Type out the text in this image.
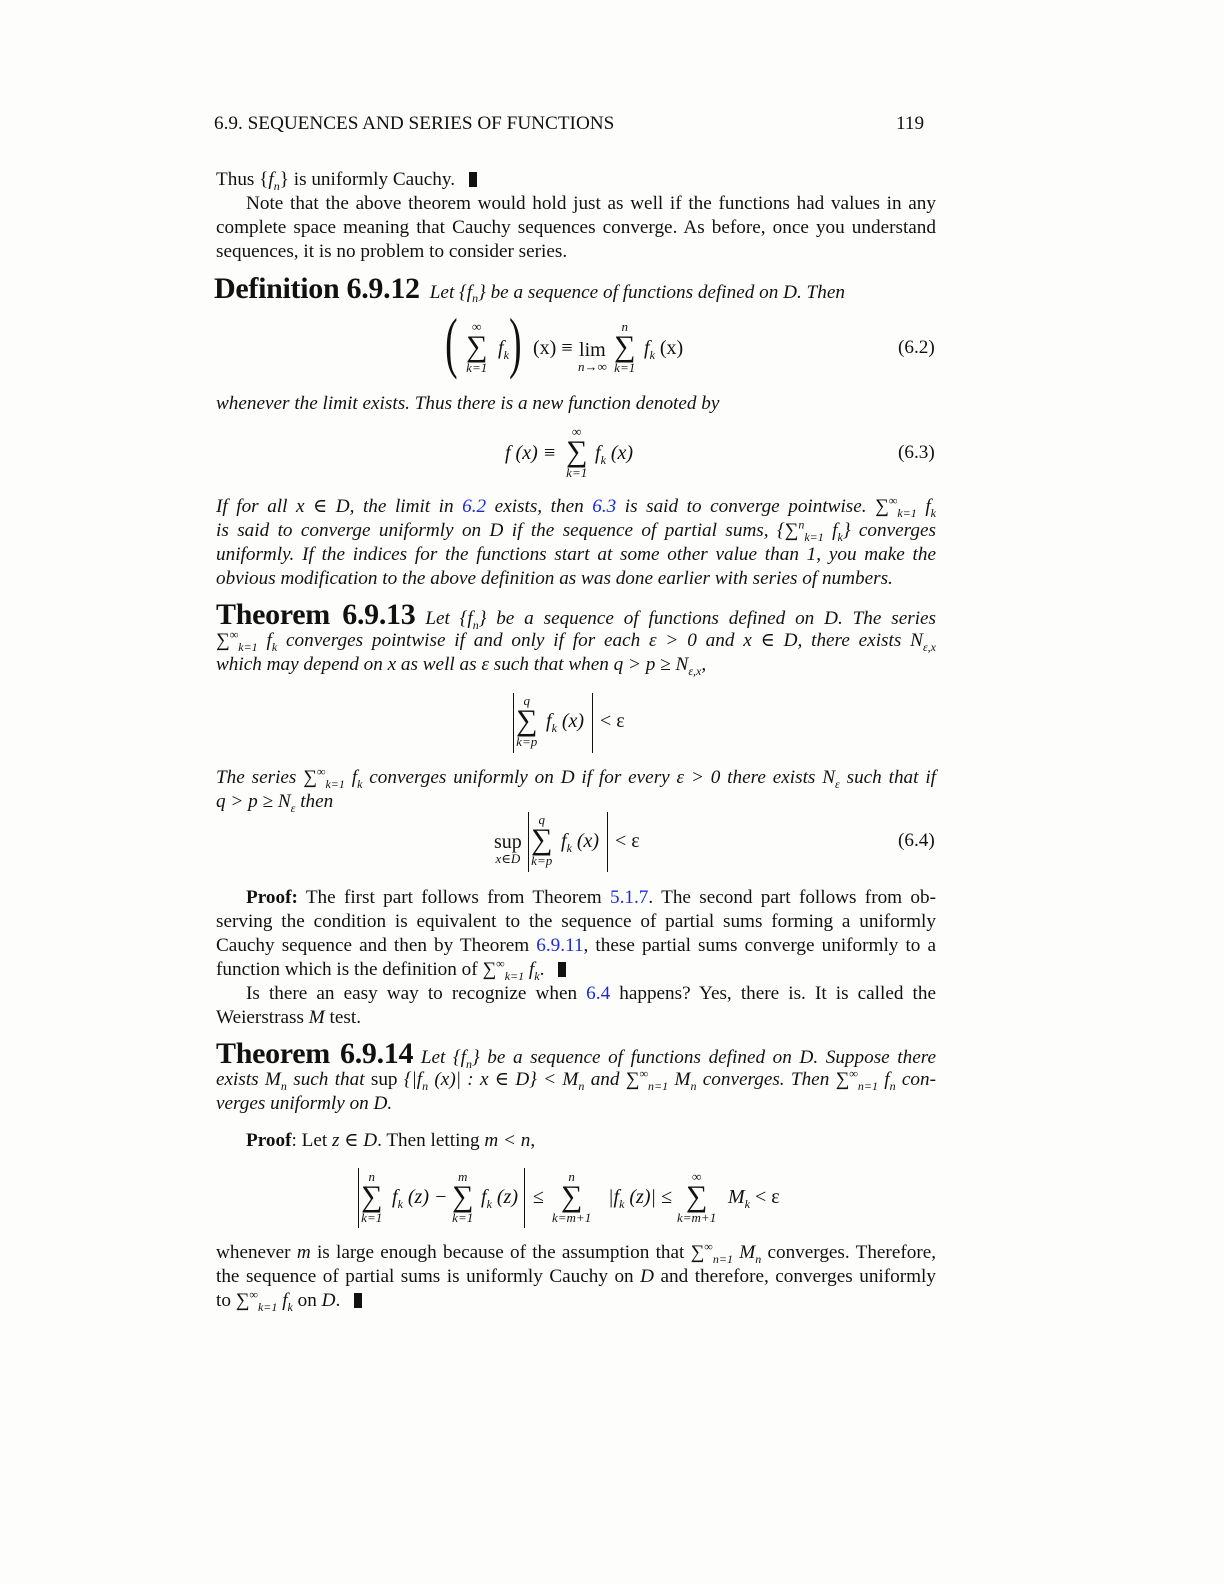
6.9. SEQUENCES AND SERIES OF FUNCTIONS	119
Thus $\{f_n\}$ is uniformly Cauchy.
Note that the above theorem would hold just as well if the functions had values in any
complete space meaning that Cauchy sequences converge. As before, once you understand
sequences, it is no problem to consider series.
Definition 6.9.12 Let $\{f_n\}$ be a sequence of functions defined on D. Then
( ∞
∑
k=1
$f_k$ ) (x) ≡ lim
n→∞
n
∑
k=1
$f_k$ (x)	(6.2)
whenever the limit exists. Thus there is a new function denoted by
f (x) ≡
∞
∑
k=1
$f_k$ (x)	(6.3)
If for all x ∈ D, the limit in 6.2 exists, then 6.3 is said to converge pointwise. $\sum^\infty_{k=1}$ $f_k$
is said to converge uniformly on D if the sequence of partial sums, {∑$^n_{k=1}$ $f_k$} converges
uniformly. If the indices for the functions start at some other value than 1, you make the
obvious modification to the above definition as was done earlier with series of numbers.
Theorem 6.9.13 Let $\{f_n\}$ be a sequence of functions defined on D. The series
$\sum^\infty_{k=1}$ $f_k$ converges pointwise if and only if for each ε > 0 and x ∈ D, there exists $N_{\varepsilon,x}$
which may depend on x as well as ε such that when $q > p \ge N_{\varepsilon,x}$,
q
∑
k=p
$f_k$ (x) < ε
The series $\sum^\infty_{k=1}$ $f_k$ converges uniformly on D if for every ε > 0 there exists $N_\varepsilon$ such that if
$q > p \ge N_\varepsilon$ then
sup
x∈D
q
∑
k=p
$f_k$ (x) < ε	(6.4)
Proof: The first part follows from Theorem 5.1.7. The second part follows from ob-
serving the condition is equivalent to the sequence of partial sums forming a uniformly
Cauchy sequence and then by Theorem 6.9.11, these partial sums converge uniformly to a
function which is the definition of $\sum^\infty_{k=1}$ $f_k$.
Is there an easy way to recognize when 6.4 happens? Yes, there is. It is called the
Weierstrass M test.
Theorem 6.9.14 Let $\{f_n\}$ be a sequence of functions defined on D. Suppose there
exists $M_n$ such that sup {$|f_n$ (x)| : x ∈ $D\} < M_n$ and $\sum^\infty_{n=1}$ $M_n$ converges. Then $\sum^\infty_{n=1}$ $f_n$ con-
verges uniformly on D.
Proof: Let z ∈ D. Then letting m < n,
n
∑
k=1
$f_k$ (z) −
m
∑
k=1
$f_k$ (z) ≤
n
∑
k=m+1
$|f_k$ (z)| ≤
∞
∑
k=m+1
$M_k < \varepsilon$
whenever m is large enough because of the assumption that $\sum^\infty_{n=1}$ $M_n$ converges. Therefore,
the sequence of partial sums is uniformly Cauchy on D and therefore, converges uniformly
to $\sum^\infty_{k=1}$ $f_k$ on D.
